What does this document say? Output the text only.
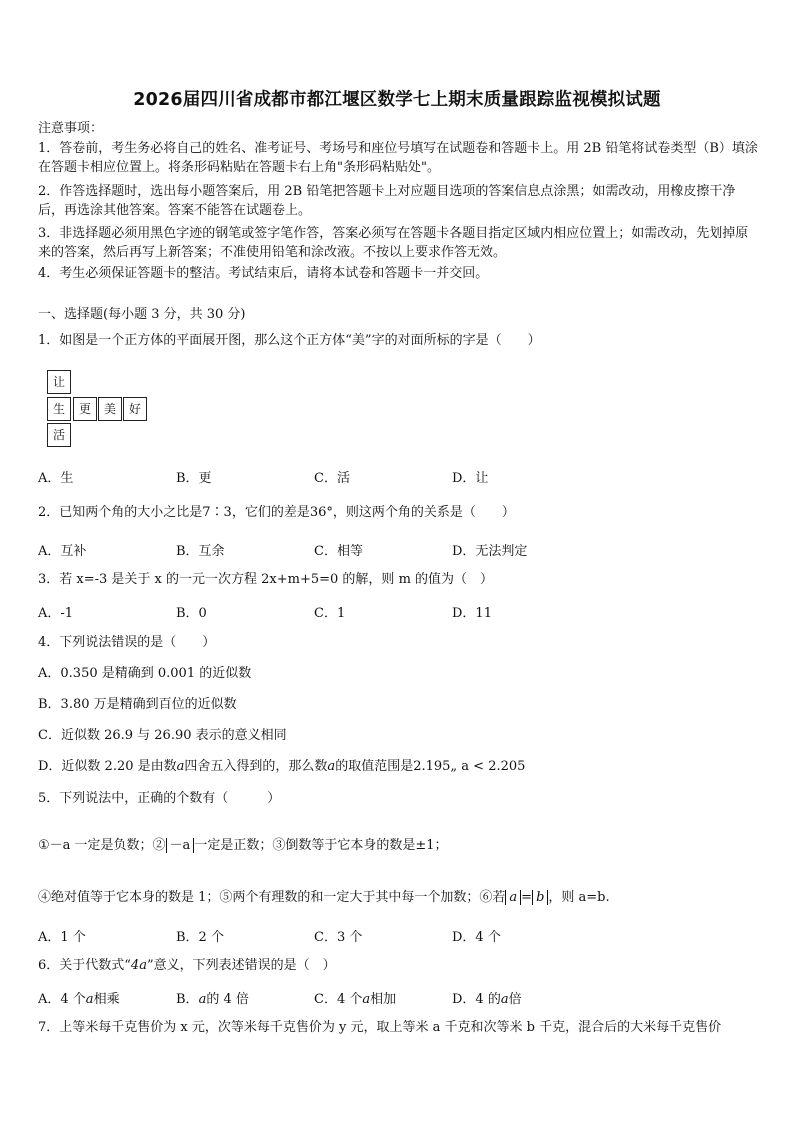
2026届四川省成都市都江堰区数学七上期末质量跟踪监视模拟试题
注意事项：
1．答卷前，考生务必将自己的姓名、准考证号、考场号和座位号填写在试题卷和答题卡上。用 2B 铅笔将试卷类型（B）填涂在答题卡相应位置上。将条形码粘贴在答题卡右上角"条形码粘贴处"。
2．作答选择题时，选出每小题答案后，用 2B 铅笔把答题卡上对应题目选项的答案信息点涂黑；如需改动，用橡皮擦干净后，再选涂其他答案。答案不能答在试题卷上。
3．非选择题必须用黑色字迹的钢笔或签字笔作答，答案必须写在答题卡各题目指定区域内相应位置上；如需改动，先划掉原来的答案，然后再写上新答案；不准使用铅笔和涂改液。不按以上要求作答无效。
4．考生必须保证答题卡的整洁。考试结束后，请将本试卷和答题卡一并交回。
一、选择题(每小题 3 分，共 30 分)
1．如图是一个正方体的平面展开图，那么这个正方体“美”字的对面所标的字是（　　）
让
生	更	美	好
活
A．生	B．更	C．活	D．让
2．已知两个角的大小之比是7∶3，它们的差是36°，则这两个角的关系是（　　）
A．互补	B．互余	C．相等	D．无法判定
3．若 x=-3 是关于 x 的一元一次方程 2x+m+5=0 的解，则 m 的值为（　）
A．-1	B．0	C．1	D．11
4．下列说法错误的是（　　）
A．0.350 是精确到 0.001 的近似数
B．3.80 万是精确到百位的近似数
C．近似数 26.9 与 26.90 表示的意义相同
D．近似数 2.20 是由数a四舍五入得到的，那么数a的取值范围是2.195„ a < 2.205
5．下列说法中，正确的个数有（　　　）
①－a 一定是负数；② －a 一定是正数；③倒数等于它本身的数是±1；
④绝对值等于它本身的数是 1；⑤两个有理数的和一定大于其中每一个加数；⑥若 a = b ，则 a=b.
A．1 个	B．2 个	C．3 个	D．4 个
6．关于代数式“4a”意义，下列表述错误的是（　）
A．4 个a相乘	B．a的 4 倍	C．4 个a相加	D．4 的a倍
7．上等米每千克售价为 x 元，次等米每千克售价为 y 元，取上等米 a 千克和次等米 b 千克，混合后的大米每千克售价
